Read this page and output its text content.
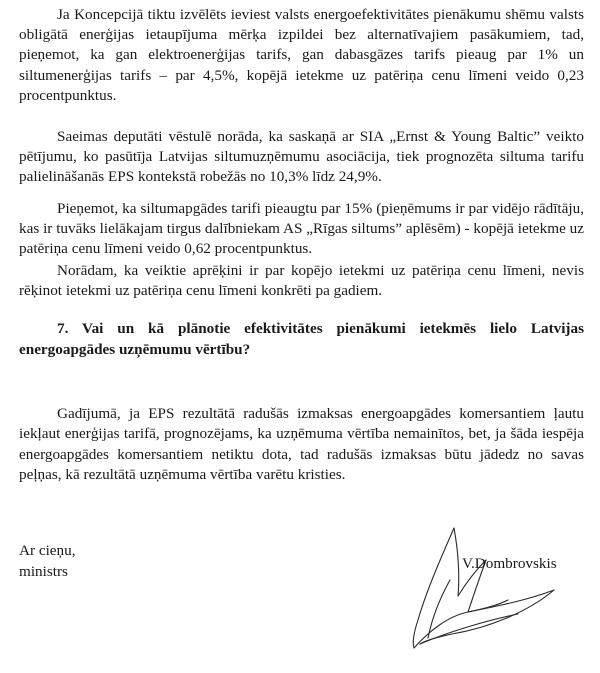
Ja Koncepcijā tiktu izvēlēts ieviest valsts energoefektivitātes pienākumu shēmu valsts obligātā enerģijas ietaupījuma mērķa izpildei bez alternatīvajiem pasākumiem, tad, pieņemot, ka gan elektroenerģijas tarifs, gan dabasgāzes tarifs pieaug par 1% un siltumenerģijas tarifs – par 4,5%, kopējā ietekme uz patēriņa cenu līmeni veido 0,23 procentpunktus.

Saeimas deputāti vēstulē norāda, ka saskaņā ar SIA „Ernst & Young Baltic” veikto pētījumu, ko pasūtīja Latvijas siltumuzņēmumu asociācija, tiek prognozēta siltuma tarifu palielināšanās EPS kontekstā robežās no 10,3% līdz 24,9%.

Pieņemot, ka siltumapgādes tarifi pieaugtu par 15% (pieņēmums ir par vidējo rādītāju, kas ir tuvāks lielākajam tirgus dalībniekam AS „Rīgas siltums” aplēsēm) - kopējā ietekme uz patēriņa cenu līmeni veido 0,62 procentpunktus.

Norādam, ka veiktie aprēķini ir par kopējo ietekmi uz patēriņa cenu līmeni, nevis rēķinot ietekmi uz patēriņa cenu līmeni konkrēti pa gadiem.

7. Vai un kā plānotie efektivitātes pienākumi ietekmēs lielo Latvijas energoapgādes uzņēmumu vērtību?

Gadījumā, ja EPS rezultātā radušās izmaksas energoapgādes komersantiem ļautu iekļaut enerģijas tarifā, prognozējams, ka uzņēmuma vērtība nemainītos, bet, ja šāda iespēja energoapgādes komersantiem netiktu dota, tad radušās izmaksas būtu jādedz no savas peļņas, kā rezultātā uzņēmuma vērtība varētu kristies.

Ar cieņu,
ministrs	V.Dombrovskis
